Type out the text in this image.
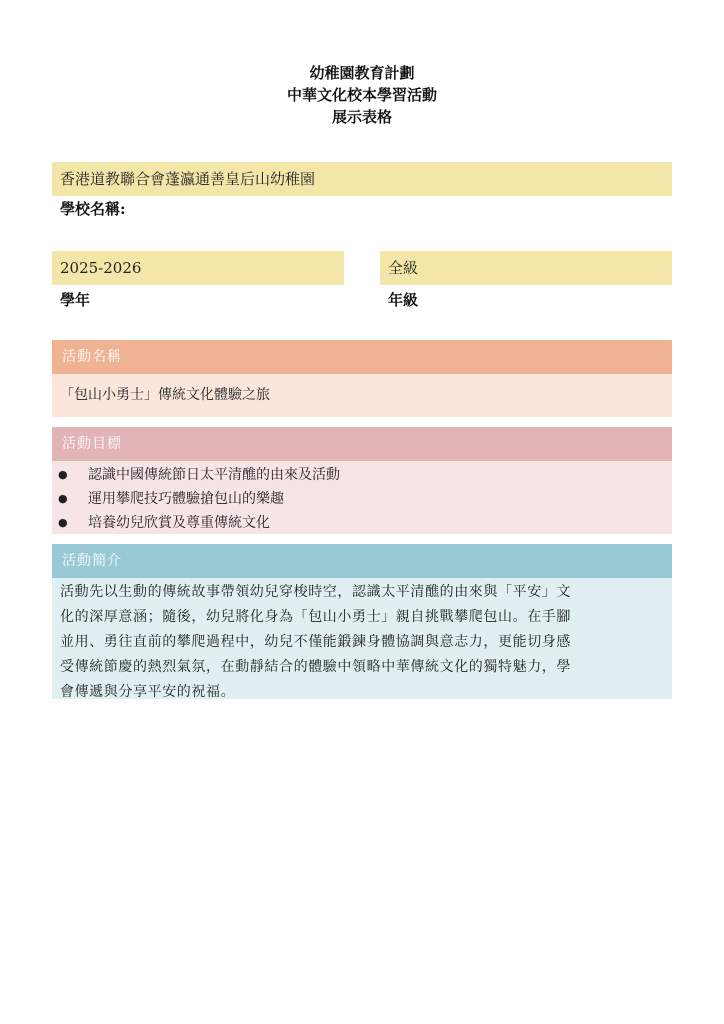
幼稚園教育計劃
中華文化校本學習活動
展示表格
香港道教聯合會蓬瀛通善皇后山幼稚園
學校名稱:
2025-2026
學年
全級
年級
活動名稱
「包山小勇士」傳統文化體驗之旅
活動目標
● 認識中國傳統節日太平清醮的由來及活動
● 運用攀爬技巧體驗搶包山的樂趣
● 培養幼兒欣賞及尊重傳統文化
活動簡介
活動先以生動的傳統故事帶領幼兒穿梭時空，認識太平清醮的由來與「平安」文
化的深厚意涵；隨後，幼兒將化身為「包山小勇士」親自挑戰攀爬包山。在手腳
並用、勇往直前的攀爬過程中，幼兒不僅能鍛鍊身體協調與意志力，更能切身感
受傳統節慶的熱烈氣氛，在動靜結合的體驗中領略中華傳統文化的獨特魅力，學
會傳遞與分享平安的祝福。
